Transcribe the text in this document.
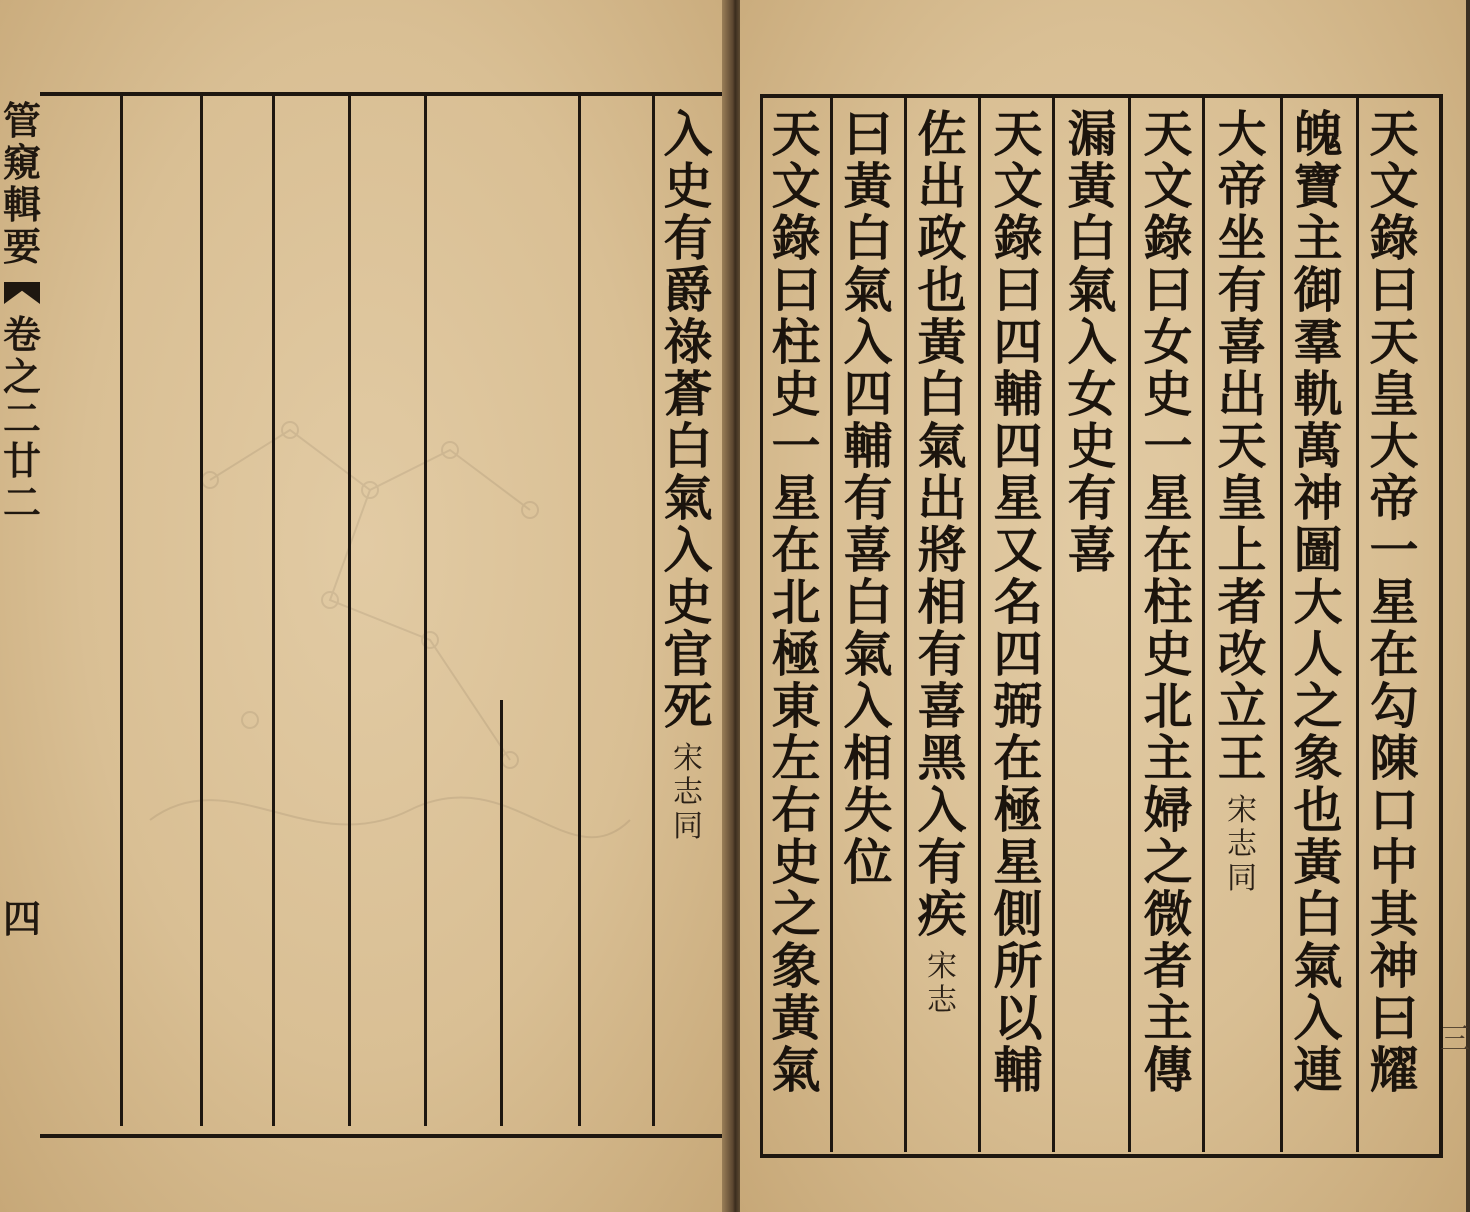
管
窺
輯
要
卷
之
二
廿
二
四
入
史
有
爵
祿
蒼
白
氣
入
史
官
死
宋
志
同
天
文
錄
曰
天
皇
大
帝
一
星
在
勾
陳
口
中
其
神
曰
耀
魄
寶
主
御
羣
軌
萬
神
圖
大
人
之
象
也
黃
白
氣
入
連
大
帝
坐
有
喜
出
天
皇
上
者
改
立
王
宋
志
同
天
文
錄
曰
女
史
一
星
在
柱
史
北
主
婦
之
微
者
主
傳
漏
黃
白
氣
入
女
史
有
喜
天
文
錄
曰
四
輔
四
星
又
名
四
弼
在
極
星
側
所
以
輔
佐
出
政
也
黃
白
氣
出
將
相
有
喜
黑
入
有
疾
宋
志
曰
黃
白
氣
入
四
輔
有
喜
白
氣
入
相
失
位
天
文
錄
曰
柱
史
一
星
在
北
極
東
左
右
史
之
象
黃
氣
三
